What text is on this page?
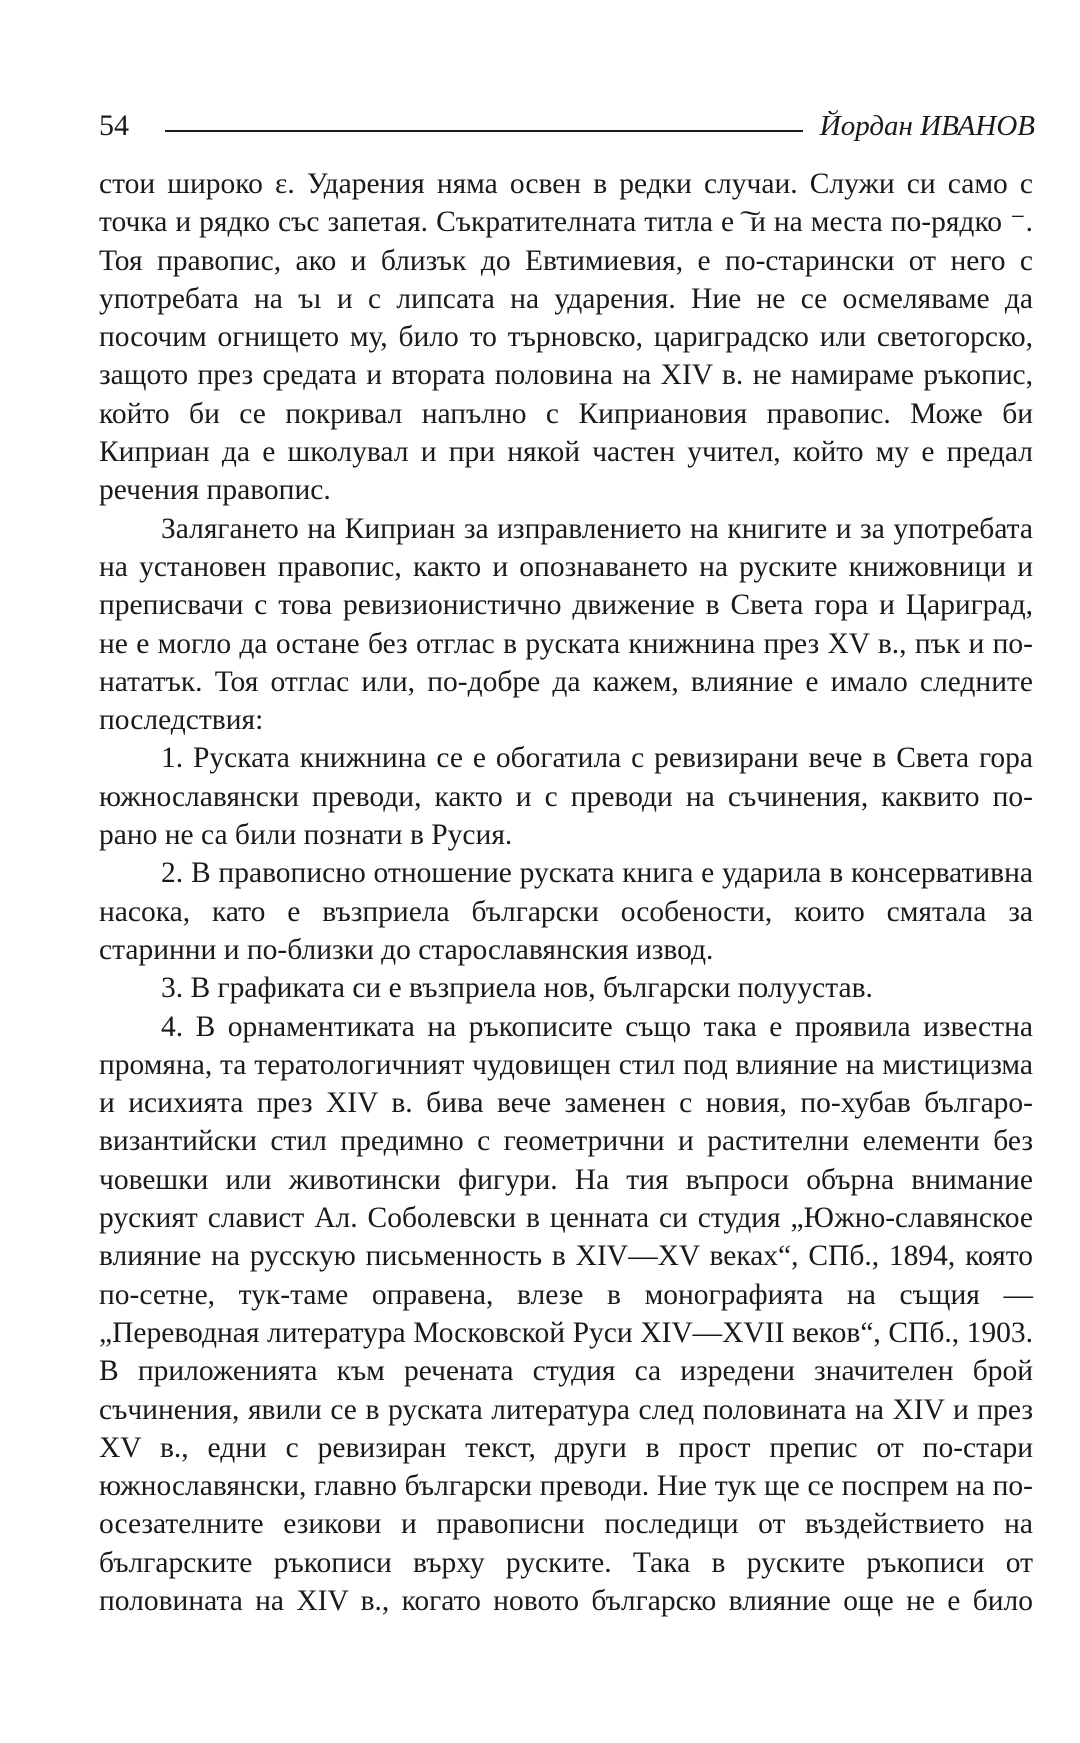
54	Йордан ИВАНОВ

стои широко ɛ. Ударения няма освен в редки случаи. Служи си само с точка и рядко със запетая. Съкратителната титла е ͠ и на места по-рядко ⁻. Тоя правопис, ако и близък до Евтимиевия, е по-старински от него с употребата на ъı и с липсата на ударения. Ние не се осмеляваме да посочим огнището му, било то търновско, цариградско или светогорско, защото през средата и втората половина на XIV в. не намираме ръкопис, който би се покривал напълно с Киприановия правопис. Може би Киприан да е школувал и при някой частен учител, който му е предал речения правопис.

Залягането на Киприан за изправлението на книгите и за употребата на установен правопис, както и опознаването на руските книжовници и преписвачи с това ревизионистично движение в Света гора и Цариград, не е могло да остане без отглас в руската книжнина през XV в., пък и по-нататък. Тоя отглас или, по-добре да кажем, влияние е имало следните последствия:

1. Руската книжнина се е обогатила с ревизирани вече в Света гора южнославянски преводи, както и с преводи на съчинения, каквито по-рано не са били познати в Русия.

2. В правописно отношение руската книга е ударила в консервативна насока, като е възприела български особености, които смятала за старинни и по-близки до старославянския извод.

3. В графиката си е възприела нов, български полуустав.

4. В орнаментиката на ръкописите също така е проявила известна промяна, та тератологичният чудовищен стил под влияние на мистицизма и исихията през XIV в. бива вече заменен с новия, по-хубав българо-византийски стил предимно с геометрични и растителни елементи без човешки или животински фигури. На тия въпроси обърна внимание руският славист Ал. Соболевски в ценната си студия „Южно-славянское влияние на русскую письменность в XIV—XV веках“, СПб., 1894, която по-сетне, тук-таме оправена, влезе в монографията на същия — „Переводная литература Московской Руси XIV—XVII веков“, СПб., 1903. В приложенията към речената студия са изредени значителен брой съчинения, явили се в руската литература след половината на XIV и през XV в., едни с ревизиран текст, други в прост препис от по-стари южнославянски, главно български преводи. Ние тук ще се поспрем на по-осезателните езикови и правописни последици от въздействието на българските ръкописи върху руските. Така в руските ръкописи от половината на XIV в., когато новото българско влияние още не е било
